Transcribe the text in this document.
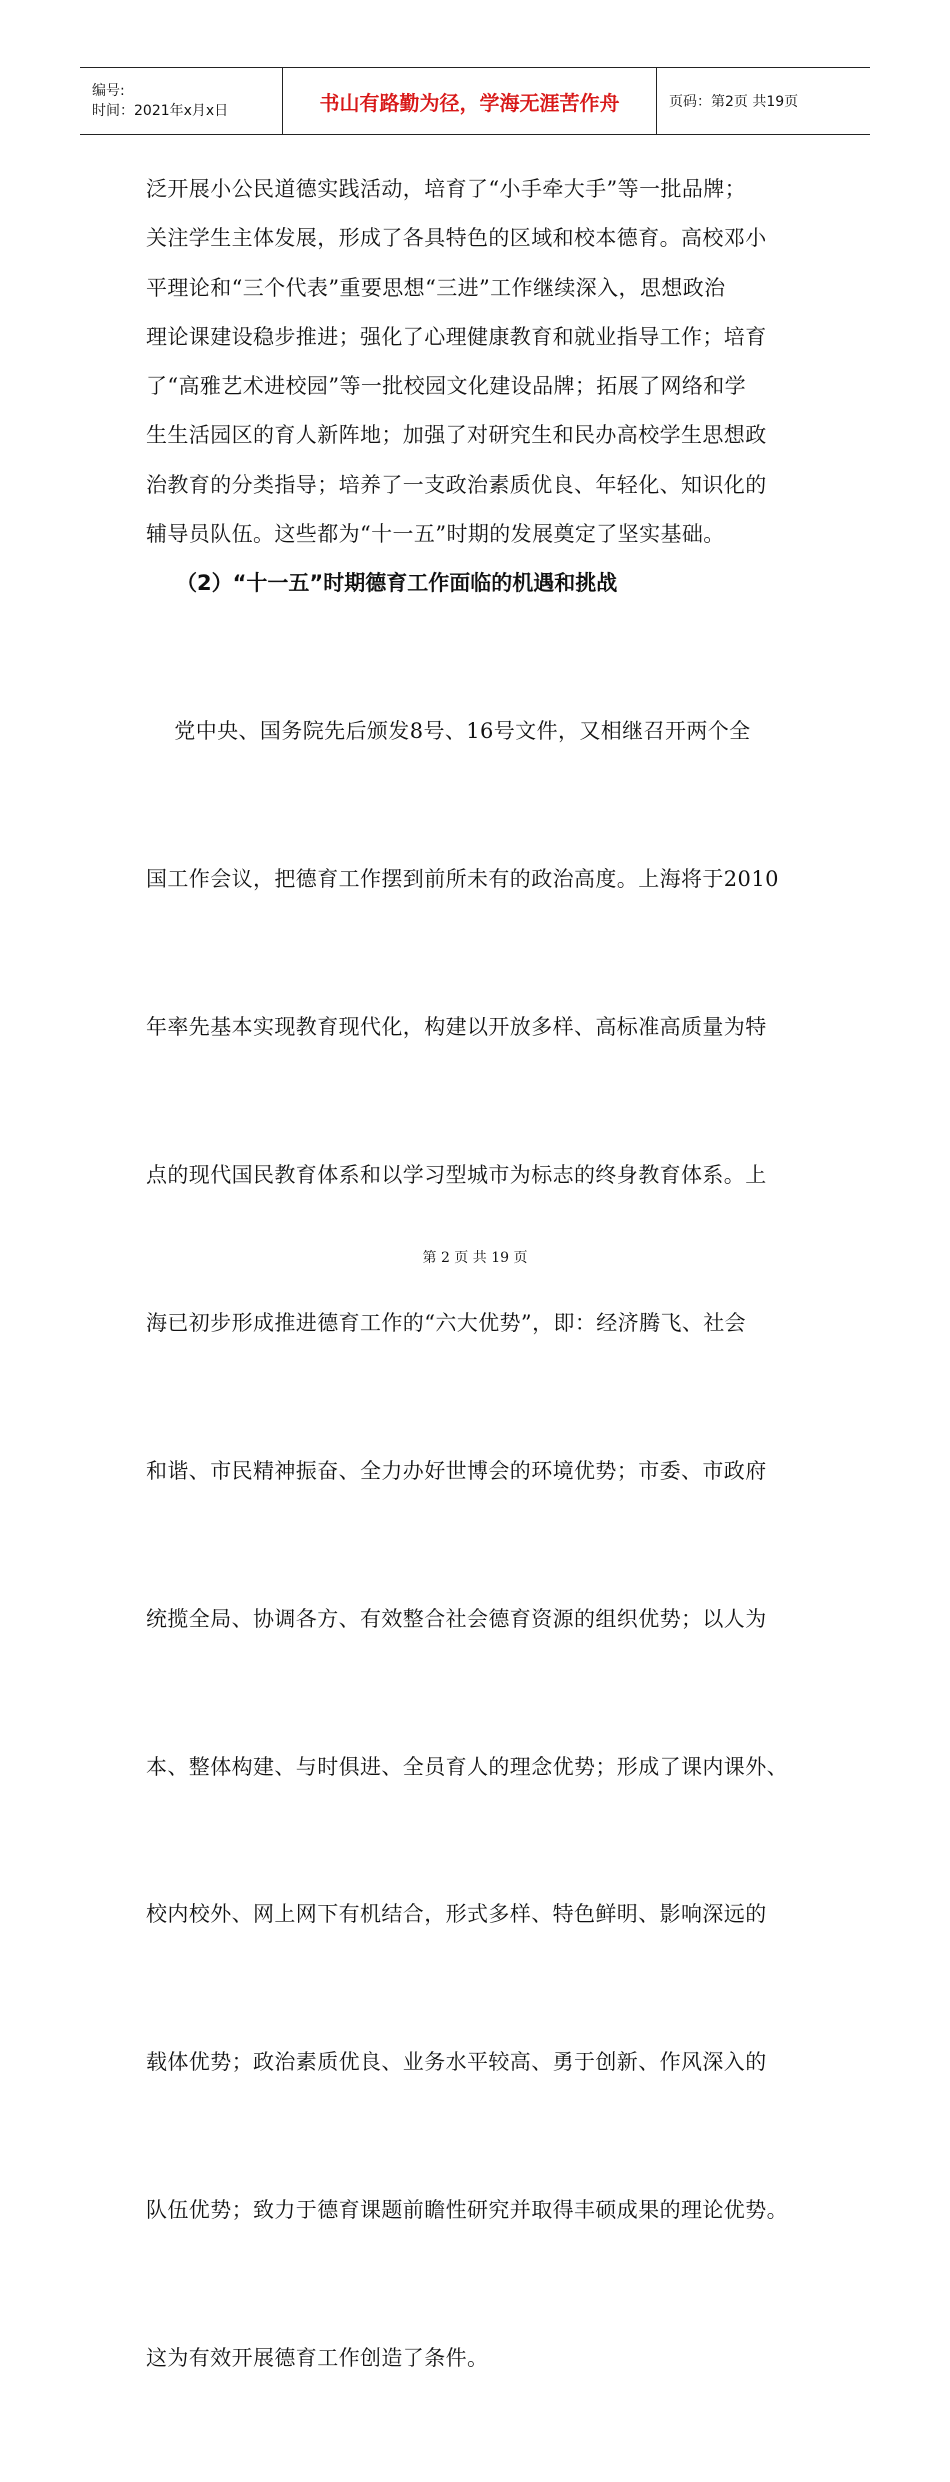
编号:
时间：2021年x月x日	书山有路勤为径，学海无涯苦作舟	页码：第2页 共19页
泛开展小公民道德实践活动，培育了“小手牵大手”等一批品牌；
关注学生主体发展，形成了各具特色的区域和校本德育。高校邓小
平理论和“三个代表”重要思想“三进”工作继续深入，思想政治
理论课建设稳步推进；强化了心理健康教育和就业指导工作；培育
了“高雅艺术进校园”等一批校园文化建设品牌；拓展了网络和学
生生活园区的育人新阵地；加强了对研究生和民办高校学生思想政
治教育的分类指导；培养了一支政治素质优良、年轻化、知识化的
辅导员队伍。这些都为“十一五”时期的发展奠定了坚实基础。
（2）“十一五”时期德育工作面临的机遇和挑战

党中央、国务院先后颁发8号、16号文件，又相继召开两个全

国工作会议，把德育工作摆到前所未有的政治高度。上海将于2010

年率先基本实现教育现代化，构建以开放多样、高标准高质量为特

点的现代国民教育体系和以学习型城市为标志的终身教育体系。上

海已初步形成推进德育工作的“六大优势”，即：经济腾飞、社会

和谐、市民精神振奋、全力办好世博会的环境优势；市委、市政府

统揽全局、协调各方、有效整合社会德育资源的组织优势；以人为

本、整体构建、与时俱进、全员育人的理念优势；形成了课内课外、

校内校外、网上网下有机结合，形式多样、特色鲜明、影响深远的

载体优势；政治素质优良、业务水平较高、勇于创新、作风深入的

队伍优势；致力于德育课题前瞻性研究并取得丰硕成果的理论优势。

这为有效开展德育工作创造了条件。

第 2 页 共 19 页
